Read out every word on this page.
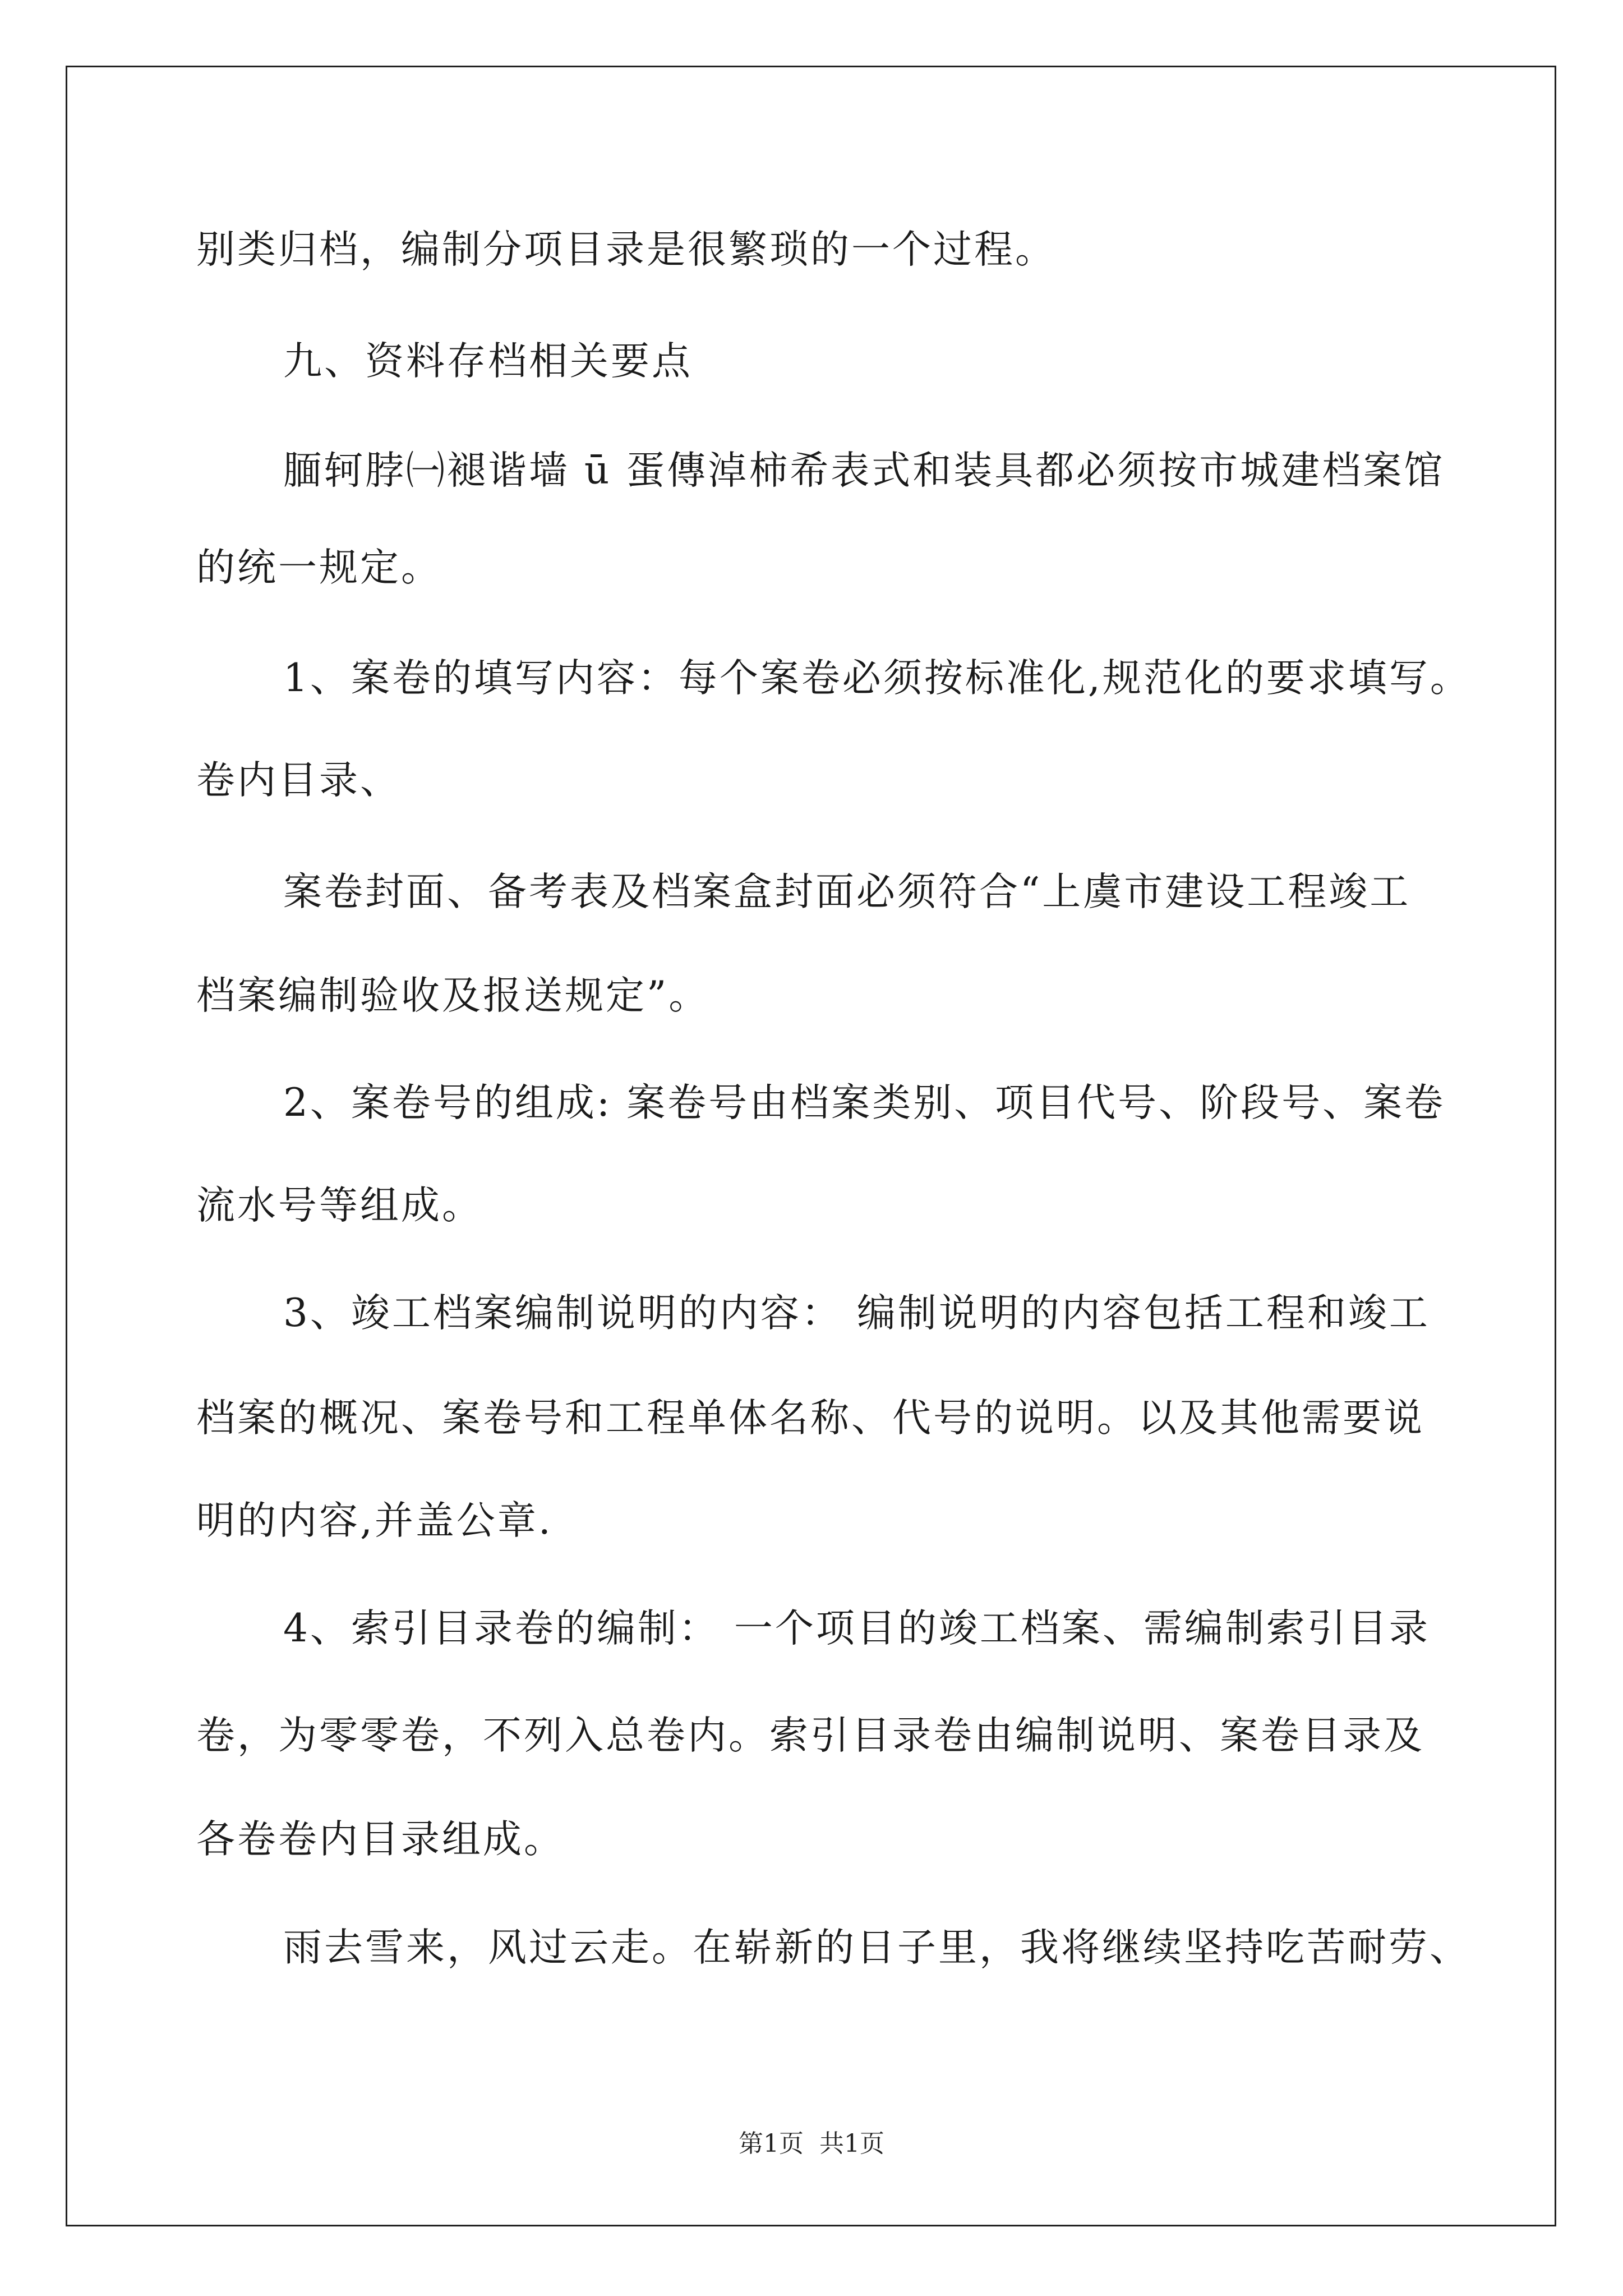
别类归档，编制分项目录是很繁琐的一个过程。
九、资料存档相关要点
腼轲脖㈠褪谐墙 ū 蛋傳淖柿希表式和装具都必须按市城建档案馆
的统一规定。
1、案卷的填写内容：每个案卷必须按标准化,规范化的要求填写。
卷内目录、
案卷封面、备考表及档案盒封面必须符合“上虞市建设工程竣工
档案编制验收及报送规定”。
2、案卷号的组成: 案卷号由档案类别、项目代号、阶段号、案卷
流水号等组成。
3、竣工档案编制说明的内容： 编制说明的内容包括工程和竣工
档案的概况、案卷号和工程单体名称、代号的说明。以及其他需要说
明的内容,并盖公章.
4、索引目录卷的编制： 一个项目的竣工档案、需编制索引目录
卷，为零零卷，不列入总卷内。索引目录卷由编制说明、案卷目录及
各卷卷内目录组成。
雨去雪来，风过云走。在崭新的日子里，我将继续坚持吃苦耐劳、
第1页 共1页
